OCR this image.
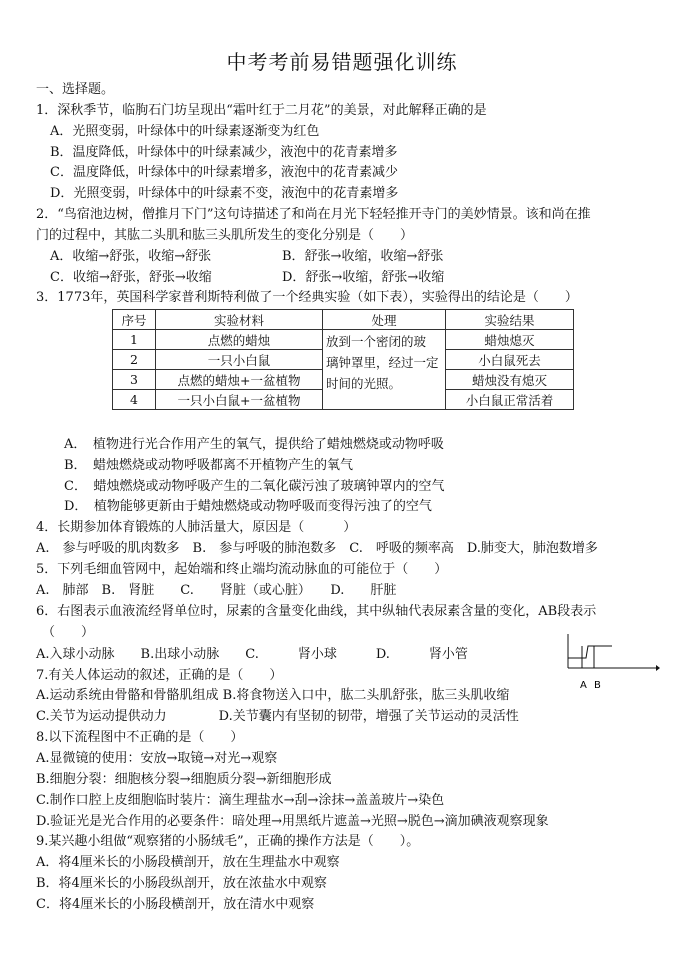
中考考前易错题强化训练
一、选择题。
1．深秋季节，临朐石门坊呈现出“霜叶红于二月花”的美景，对此解释正确的是
A．光照变弱，叶绿体中的叶绿素逐渐变为红色
B．温度降低，叶绿体中的叶绿素减少，液泡中的花青素增多
C．温度降低，叶绿体中的叶绿素增多，液泡中的花青素减少
D．光照变弱，叶绿体中的叶绿素不变，液泡中的花青素增多
2．“鸟宿池边树，僧推月下门”这句诗描述了和尚在月光下轻轻推开寺门的美妙情景。该和尚在推
门的过程中，其肱二头肌和肱三头肌所发生的变化分别是（　　）
A．收缩→舒张，收缩→舒张	B．舒张→收缩，收缩→舒张
C．收缩→舒张，舒张→收缩	D．舒张→收缩，舒张→收缩
3．1773年，英国科学家普利斯特利做了一个经典实验（如下表），实验得出的结论是（　　）
序号	实验材料	处理	实验结果
1	点燃的蜡烛	放到一个密闭的玻
璃钟罩里，经过一定
时间的光照。	蜡烛熄灭
2	一只小白鼠		小白鼠死去
3	点燃的蜡烛+一盆植物		蜡烛没有熄灭
4	一只小白鼠+一盆植物		小白鼠正常活着
A．　植物进行光合作用产生的氧气，提供给了蜡烛燃烧或动物呼吸
B．　蜡烛燃烧或动物呼吸都离不开植物产生的氧气
C．　蜡烛燃烧或动物呼吸产生的二氧化碳污浊了玻璃钟罩内的空气
D．　植物能够更新由于蜡烛燃烧或动物呼吸而变得污浊了的空气
4．长期参加体育锻炼的人肺活量大，原因是（　　　）
A.　参与呼吸的肌肉数多　B.　参与呼吸的肺泡数多　C.　呼吸的频率高　D.肺变大，肺泡数增多
5．下列毛细血管网中，起始端和终止端均流动脉血的可能位于（　　）
A.　肺部　B.　肾脏　　C.　　肾脏（或心脏）　　D.　　肝脏
6．右图表示血液流经肾单位时，尿素的含量变化曲线，其中纵轴代表尿素含量的变化，AB段表示
（　　）
A.入球小动脉　　B.出球小动脉　　C.　　　肾小球　　　D.　　　肾小管
A B
7.有关人体运动的叙述，正确的是（　　）
A.运动系统由骨骼和骨骼肌组成 B.将食物送入口中，肱二头肌舒张，肱三头肌收缩
C.关节为运动提供动力　　　　D.关节囊内有坚韧的韧带，增强了关节运动的灵活性
8.以下流程图中不正确的是（　　）
A.显微镜的使用：安放→取镜→对光→观察
B.细胞分裂：细胞核分裂→细胞质分裂→新细胞形成
C.制作口腔上皮细胞临时装片：滴生理盐水→刮→涂抹→盖盖玻片→染色
D.验证光是光合作用的必要条件：暗处理→用黑纸片遮盖→光照→脱色→滴加碘液观察现象
9.某兴趣小组做“观察猪的小肠绒毛”，正确的操作方法是（　　）。
A．将4厘米长的小肠段横剖开，放在生理盐水中观察
B．将4厘米长的小肠段纵剖开，放在浓盐水中观察
C．将4厘米长的小肠段横剖开，放在清水中观察
